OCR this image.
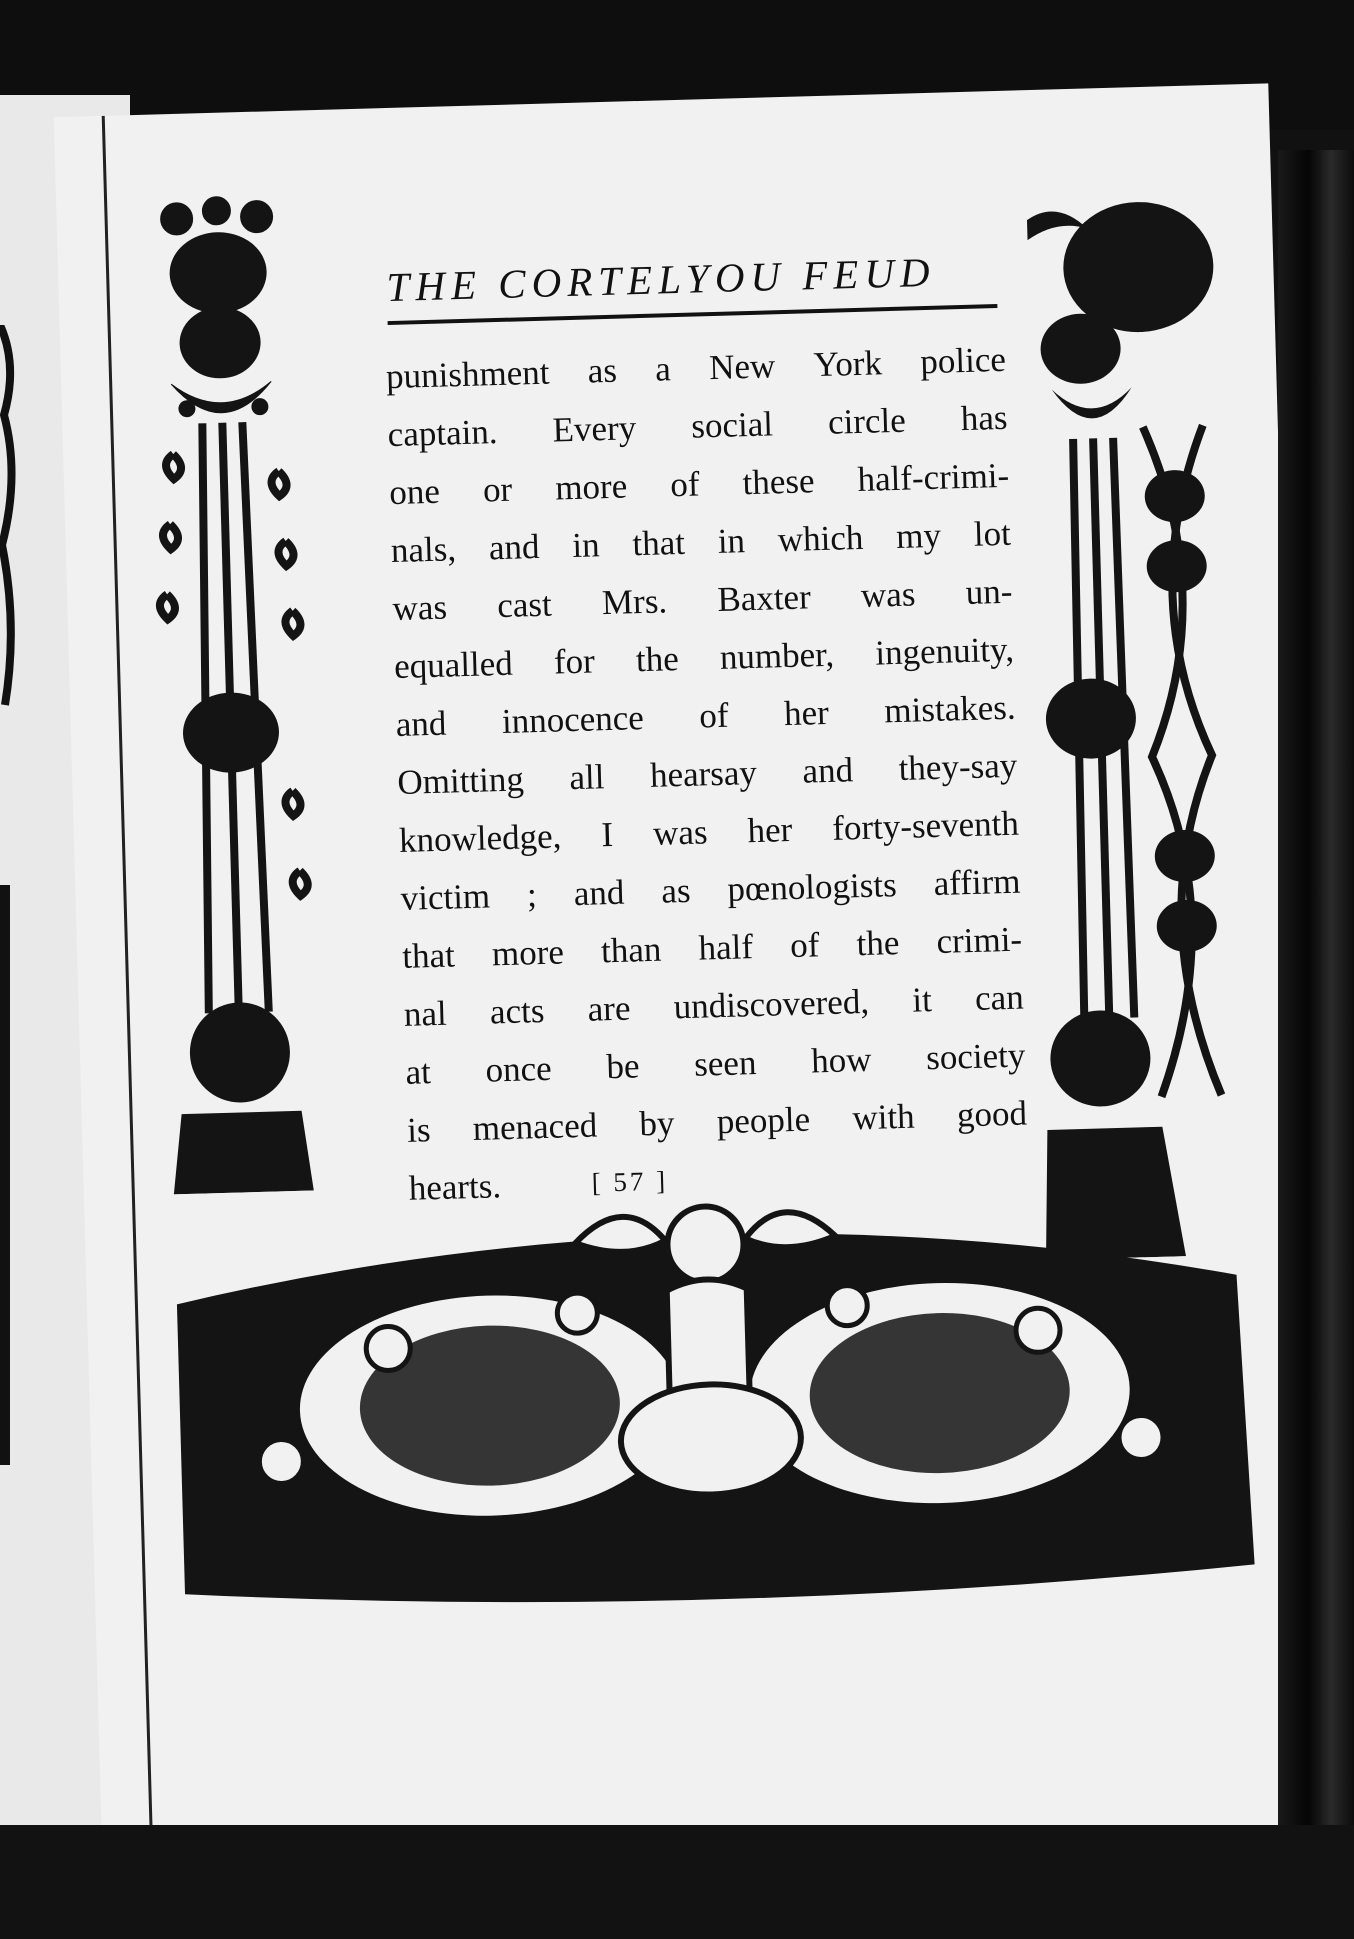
THE CORTELYOU FEUD
punishment as a New York police
captain. Every social circle has
one or more of these half-crimi-
nals, and in that in which my lot
was cast Mrs. Baxter was un-
equalled for the number, ingenuity,
and innocence of her mistakes.
Omitting all hearsay and they-say
knowledge, I was her forty-seventh
victim ; and as pœnologists affirm
that more than half of the crimi-
nal acts are undiscovered, it can
at once be seen how society
is menaced by people with good
hearts.	[ 57 ]
